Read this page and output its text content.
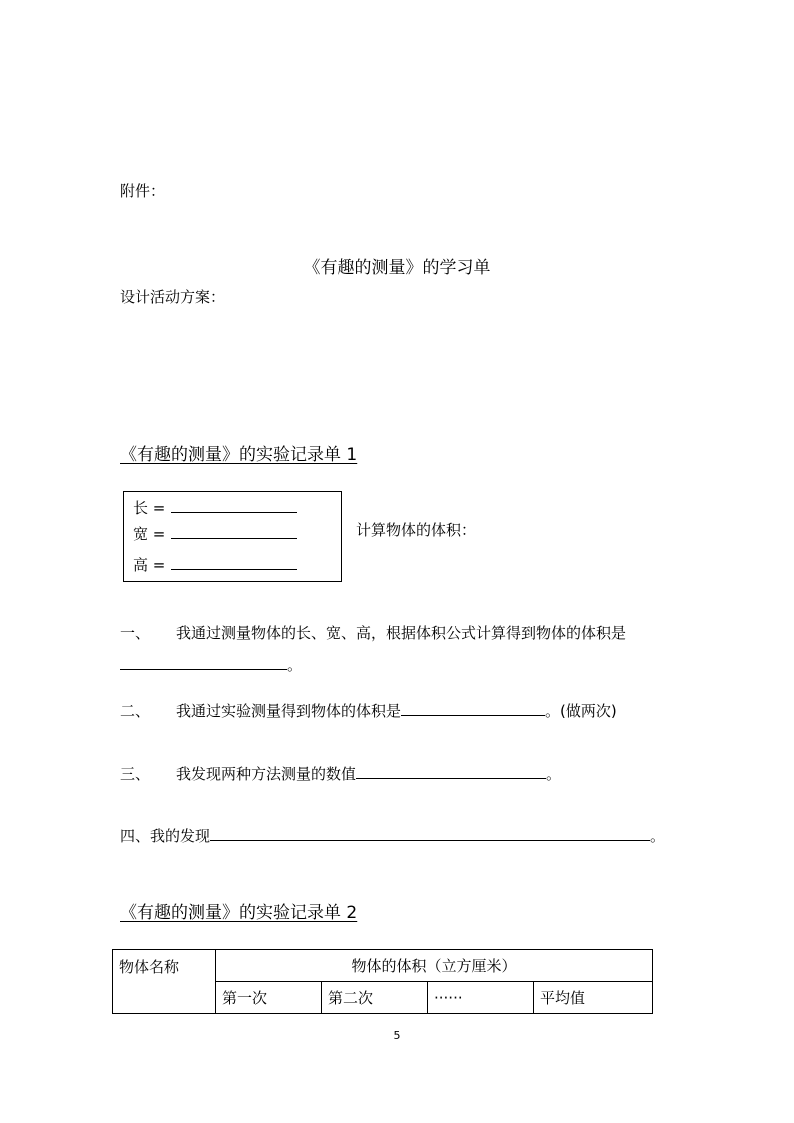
附件：
《有趣的测量》的学习单
设计活动方案：
《有趣的测量》的实验记录单 1
长 =
宽 =
高 =
计算物体的体积：
一、 我通过测量物体的长、宽、高，根据体积公式计算得到物体的体积是
。
二、 我通过实验测量得到物体的体积是	。(做两次)
三、 我发现两种方法测量的数值	。
四、我的发现	。
《有趣的测量》的实验记录单 2
物体名称	物体的体积（立方厘米）			
	第一次	第二次	······	平均值
5
